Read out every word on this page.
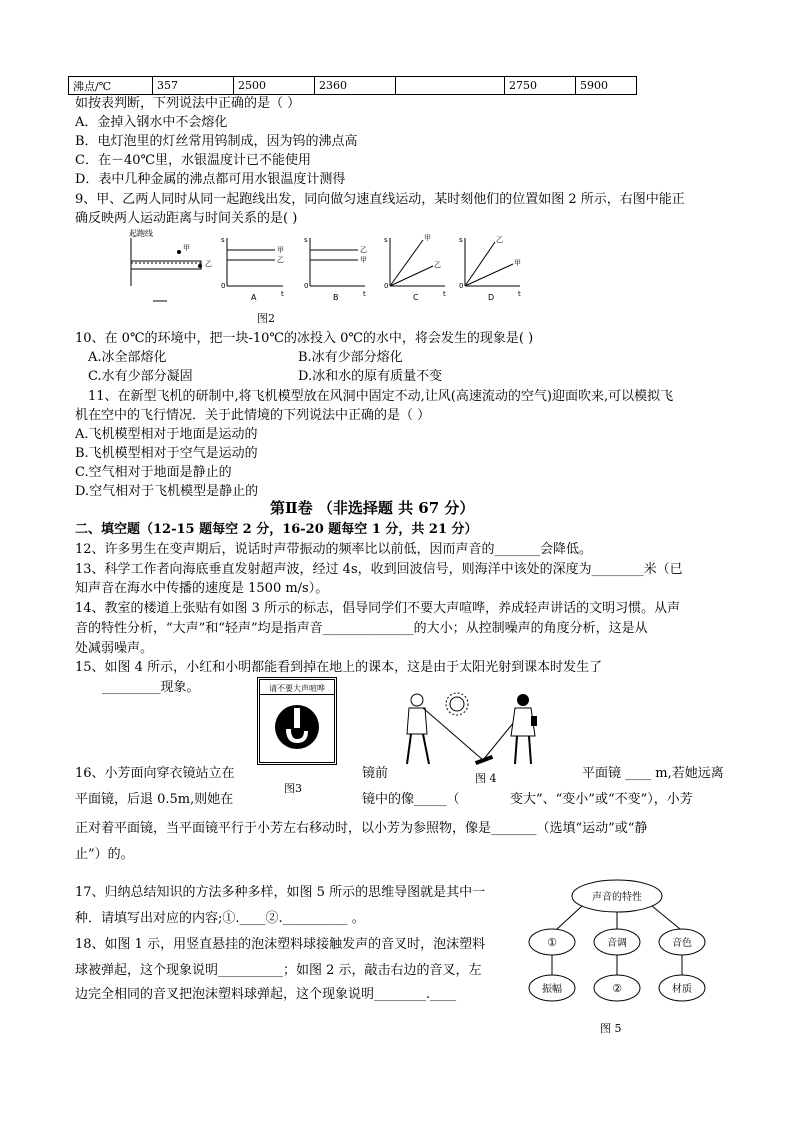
沸点/℃	357	2500	2360		2750	5900
如按表判断，下列说法中正确的是（ ）
A．金掉入钢水中不会熔化
B．电灯泡里的灯丝常用钨制成，因为钨的沸点高
C．在－40℃里，水银温度计已不能使用
D．表中几种金属的沸点都可用水银温度计测得
9、甲、乙两人同时从同一起跑线出发，同向做匀速直线运动，某时刻他们的位置如图 2 所示，右图中能正
确反映两人运动距离与时间关系的是( )
起跑线
甲
乙
s
0
t
甲
乙
A
s
0
t
乙
甲
B
s
0
t
甲
乙
C
s
0
t
乙
甲
D
图2
10、在 0℃的环境中，把一块-10℃的冰投入 0℃的水中，将会发生的现象是( )
A.冰全部熔化	B.冰有少部分熔化
C.水有少部分凝固	D.冰和水的原有质量不变
11、在新型飞机的研制中,将飞机模型放在风洞中固定不动,让风(高速流动的空气)迎面吹来,可以模拟飞
机在空中的飞行情况．关于此情境的下列说法中正确的是（ ）
A.飞机模型相对于地面是运动的
B.飞机模型相对于空气是运动的
C.空气相对于地面是静止的
D.空气相对于飞机模型是静止的
第Ⅱ卷 （非选择题 共 67 分）
二、填空题（12-15 题每空 2 分，16-20 题每空 1 分，共 21 分）
12、许多男生在变声期后，说话时声带振动的频率比以前低，因而声音的_______会降低。
13、科学工作者向海底垂直发射超声波，经过 4s，收到回波信号，则海洋中该处的深度为________米（已
知声音在海水中传播的速度是 1500 m/s）。
14、教室的楼道上张贴有如图 3 所示的标志，倡导同学们不要大声喧哗，养成轻声讲话的文明习惯。从声
音的特性分析，“大声”和“轻声”均是指声音______________的大小；从控制噪声的角度分析，这是从
处减弱噪声。
15、如图 4 所示，小红和小明都能看到掉在地上的课本，这是由于太阳光射到课本时发生了
_________现象。	请不要大声喧哗
图3
16、小芳面向穿衣镜站立在	镜前	图 4	平面镜 ____ m,若她远离
平面镜，后退 0.5m,则她在	镜中的像_____（	变大”、“变小”或“不变”），小芳
正对着平面镜，当平面镜平行于小芳左右移动时，以小芳为参照物，像是_______（选填“运动”或“静
止”）的。
17、归纳总结知识的方法多种多样，如图 5 所示的思维导图就是其中一
种．请填写出对应的内容;①.____②.__________ 。
18、如图 1 示，用竖直悬挂的泡沫塑料球接触发声的音叉时，泡沫塑料
球被弹起，这个现象说明__________；如图 2 示，敲击右边的音叉，左
边完全相同的音叉把泡沫塑料球弹起，这个现象说明________.____
声音的特性
①	音调	音色
振幅	②	材质
图 5
